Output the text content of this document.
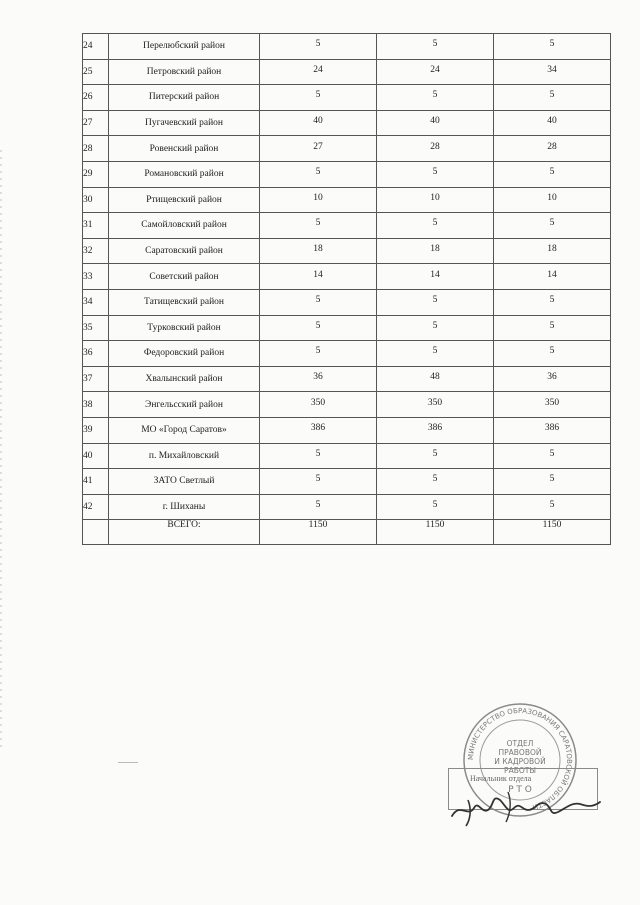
24	Перелюбский район	5	5	5
25	Петровский район	24	24	34
26	Питерский район	5	5	5
27	Пугачевский район	40	40	40
28	Ровенский район	27	28	28
29	Романовский район	5	5	5
30	Ртищевский район	10	10	10
31	Самойловский район	5	5	5
32	Саратовский район	18	18	18
33	Советский район	14	14	14
34	Татищевский район	5	5	5
35	Турковский район	5	5	5
36	Федоровский район	5	5	5
37	Хвалынский район	36	48	36
38	Энгельсский район	350	350	350
39	МО «Город Саратов»	386	386	386
40	п. Михайловский	5	5	5
41	ЗАТО Светлый	5	5	5
42	г. Шиханы	5	5	5
	ВСЕГО:	1150	1150	1150
МИНИСТЕРСТВО ОБРАЗОВАНИЯ САРАТОВСКОЙ ОБЛАСТИ
ОТДЕЛ ПРАВОВОЙ И КАДРОВОЙ РАБОТЫ
Р Т О
Начальник отдела
